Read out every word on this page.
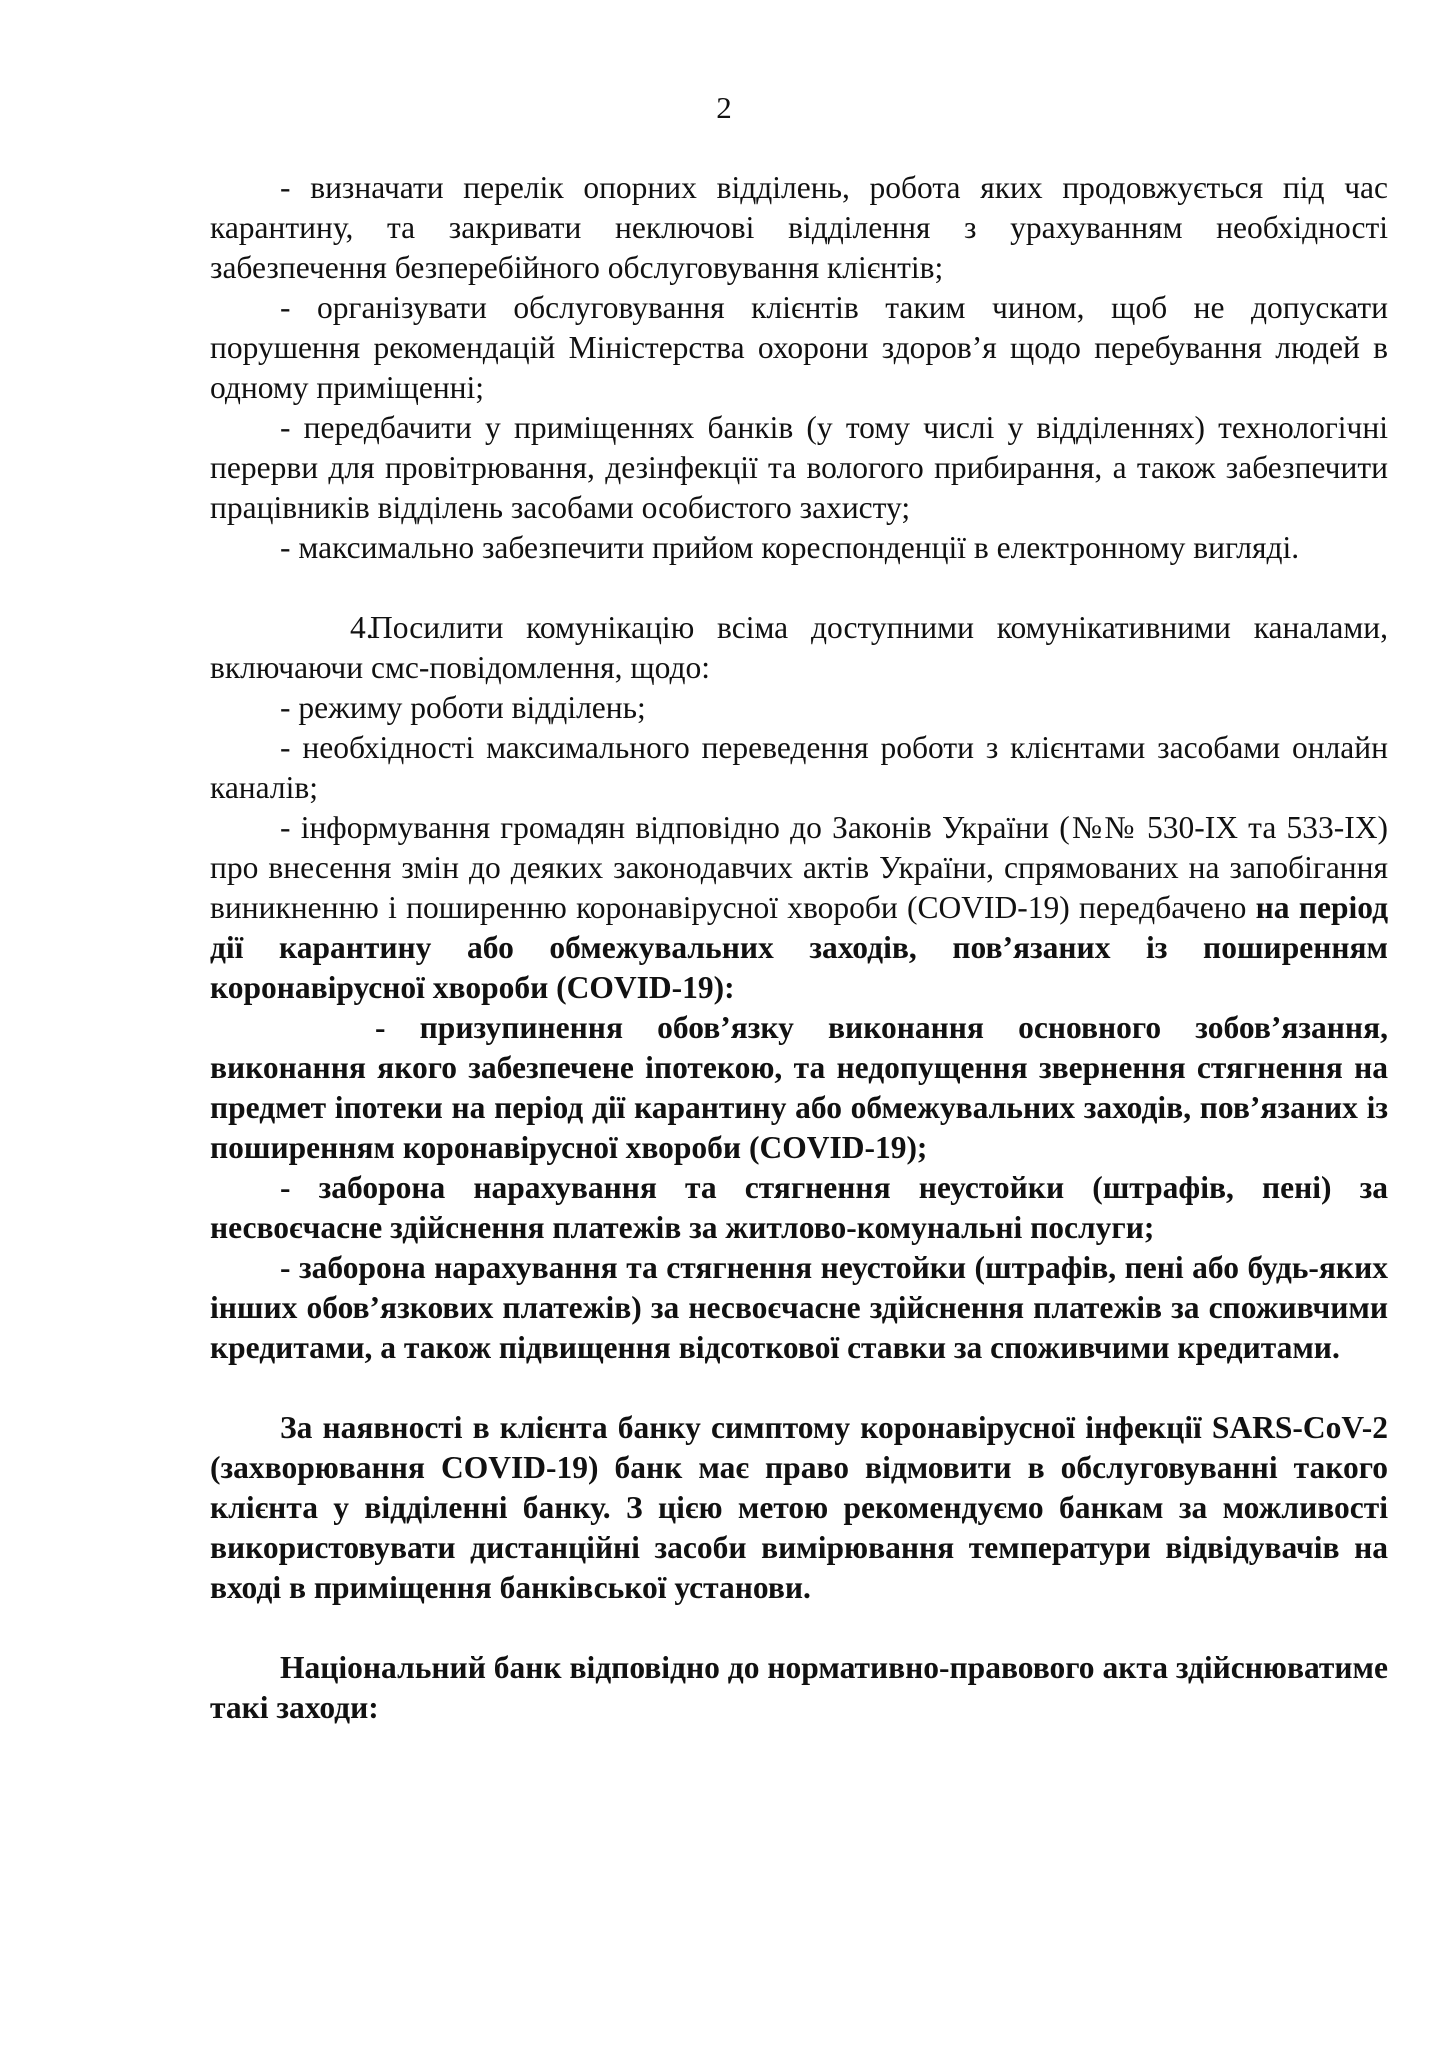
2

- визначати перелік опорних відділень, робота яких продовжується під час карантину, та закривати неключові відділення з урахуванням необхідності забезпечення безперебійного обслуговування клієнтів;

- організувати обслуговування клієнтів таким чином, щоб не допускати порушення рекомендацій Міністерства охорони здоров’я щодо перебування людей в одному приміщенні;

- передбачити у приміщеннях банків (у тому числі у відділеннях) технологічні перерви для провітрювання, дезінфекції та вологого прибирання, а також забезпечити працівників відділень засобами особистого захисту;

- максимально забезпечити прийом кореспонденції в електронному вигляді.

4.Посилити комунікацію всіма доступними комунікативними каналами, включаючи смс-повідомлення, щодо:

- режиму роботи відділень;

- необхідності максимального переведення роботи з клієнтами засобами онлайн каналів;

- інформування громадян відповідно до Законів України (№№ 530-IX та 533-IX) про внесення змін до деяких законодавчих актів України, спрямованих на запобігання виникненню і поширенню коронавірусної хвороби (COVID-19) передбачено на період дії карантину або обмежувальних заходів, пов’язаних із поширенням коронавірусної хвороби (COVID-19):

- призупинення обов’язку виконання основного зобов’язання, виконання якого забезпечене іпотекою, та недопущення звернення стягнення на предмет іпотеки на період дії карантину або обмежувальних заходів, пов’язаних із поширенням коронавірусної хвороби (COVID-19);

- заборона нарахування та стягнення неустойки (штрафів, пені) за несвоєчасне здійснення платежів за житлово-комунальні послуги;

- заборона нарахування та стягнення неустойки (штрафів, пені або будь-яких інших обов’язкових платежів) за несвоєчасне здійснення платежів за споживчими кредитами, а також підвищення відсоткової ставки за споживчими кредитами.

За наявності в клієнта банку симптому коронавірусної інфекції SARS-CoV-2 (захворювання COVID-19) банк має право відмовити в обслуговуванні такого клієнта у відділенні банку. З цією метою рекомендуємо банкам за можливості використовувати дистанційні засоби вимірювання температури відвідувачів на вході в приміщення банківської установи.

Національний банк відповідно до нормативно-правового акта здійснюватиме такі заходи:
